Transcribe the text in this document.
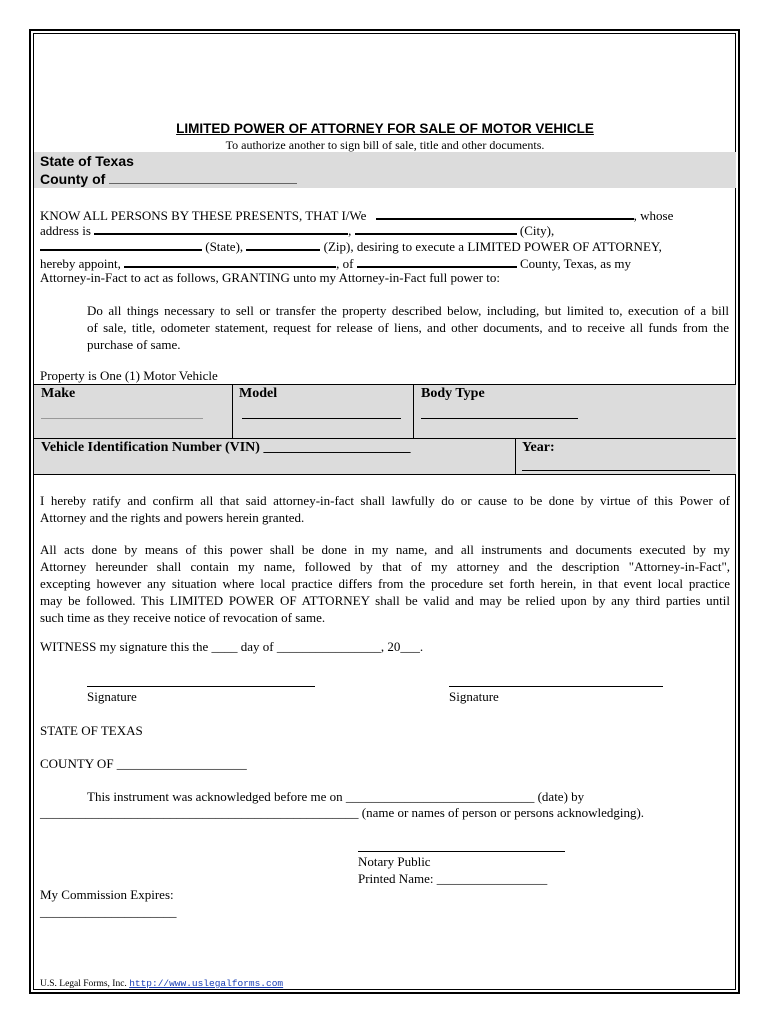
LIMITED POWER OF ATTORNEY FOR SALE OF MOTOR VEHICLE
To authorize another to sign bill of sale, title and other documents.
State of Texas
County of
KNOW ALL PERSONS BY THESE PRESENTS, THAT I/We	, whose
address is	,	(City),
(State),	(Zip), desiring to execute a LIMITED POWER OF ATTORNEY,
hereby appoint,	, of	County, Texas, as my
Attorney-in-Fact to act as follows, GRANTING unto my Attorney-in-Fact full power to:
Do all things necessary to sell or transfer the property described below, including, but limited to, execution of a bill
of sale, title, odometer statement, request for release of liens, and other documents, and to receive all funds from the
purchase of same.
Property is One (1) Motor Vehicle
Make	Model	Body Type
Vehicle Identification Number (VIN) _____________________	Year:
I hereby ratify and confirm all that said attorney-in-fact shall lawfully do or cause to be done by virtue of this Power of
Attorney and the rights and powers herein granted.
All acts done by means of this power shall be done in my name, and all instruments and documents executed by my
Attorney hereunder shall contain my name, followed by that of my attorney and the description "Attorney-in-Fact",
excepting however any situation where local practice differs from the procedure set forth herein, in that event local practice
may be followed. This LIMITED POWER OF ATTORNEY shall be valid and may be relied upon by any third parties until
such time as they receive notice of revocation of same.
WITNESS my signature this the ____ day of ________________, 20___.
Signature	Signature
STATE OF TEXAS
COUNTY OF ____________________
This instrument was acknowledged before me on _____________________________ (date) by
_________________________________________________ (name or names of person or persons acknowledging).
Notary Public
Printed Name: _________________
My Commission Expires:
_____________________
U.S. Legal Forms, Inc. http://www.uslegalforms.com
